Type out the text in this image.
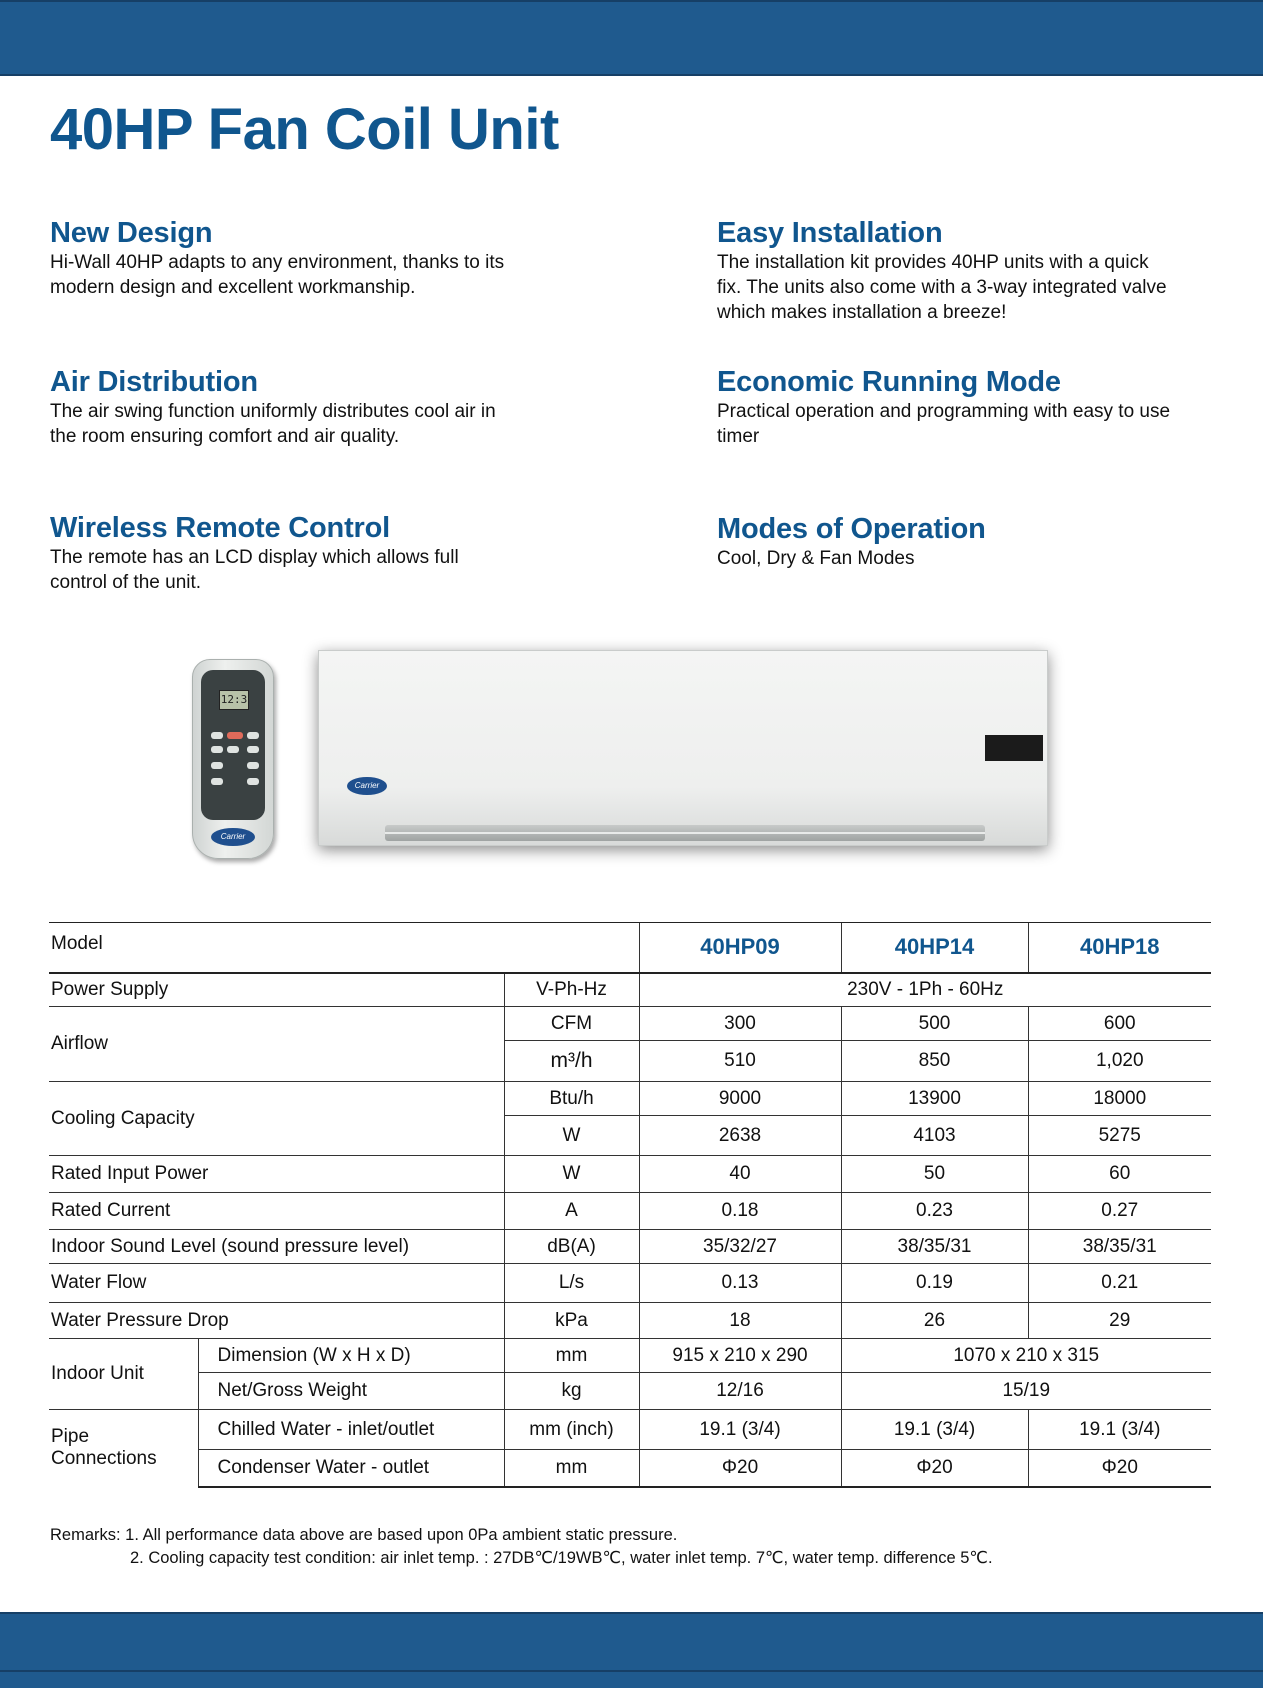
40HP Fan Coil Unit
New Design

Hi-Wall 40HP adapts to any environment, thanks to its
modern design and excellent workmanship.

Easy Installation

The installation kit provides 40HP units with a quick
fix. The units also come with a 3-way integrated valve
which makes installation a breeze!

Air Distribution

The air swing function uniformly distributes cool air in
the room ensuring comfort and air quality.

Economic Running Mode

Practical operation and programming with easy to use
timer

Wireless Remote Control

The remote has an LCD display which allows full
control of the unit.

Modes of Operation

Cool, Dry & Fan Modes

12:3
Carrier
Carrier
Model			40HP09	40HP14	40HP18
Power Supply		V-Ph-Hz	230V - 1Ph - 60Hz		
Airflow		CFM	300	500	600
		m³/h	510	850	1,020
Cooling Capacity		Btu/h	9000	13900	18000
		W	2638	4103	5275
Rated Input Power		W	40	50	60
Rated Current		A	0.18	0.23	0.27
Indoor Sound Level (sound pressure level)		dB(A)	35/32/27	38/35/31	38/35/31
Water Flow		L/s	0.13	0.19	0.21
Water Pressure Drop		kPa	18	26	29
Indoor Unit	Dimension (W x H x D)	mm	915 x 210 x 290	1070 x 210 x 315	
	Net/Gross Weight	kg	12/16	15/19	
Pipe
Connections	Chilled Water - inlet/outlet	mm (inch)	19.1 (3/4)	19.1 (3/4)	19.1 (3/4)
	Condenser Water - outlet	mm	Φ20	Φ20	Φ20
Remarks: 1. All performance data above are based upon 0Pa ambient static pressure.
2. Cooling capacity test condition: air inlet temp. : 27DB℃/19WB℃, water inlet temp. 7℃, water temp. difference 5℃.
